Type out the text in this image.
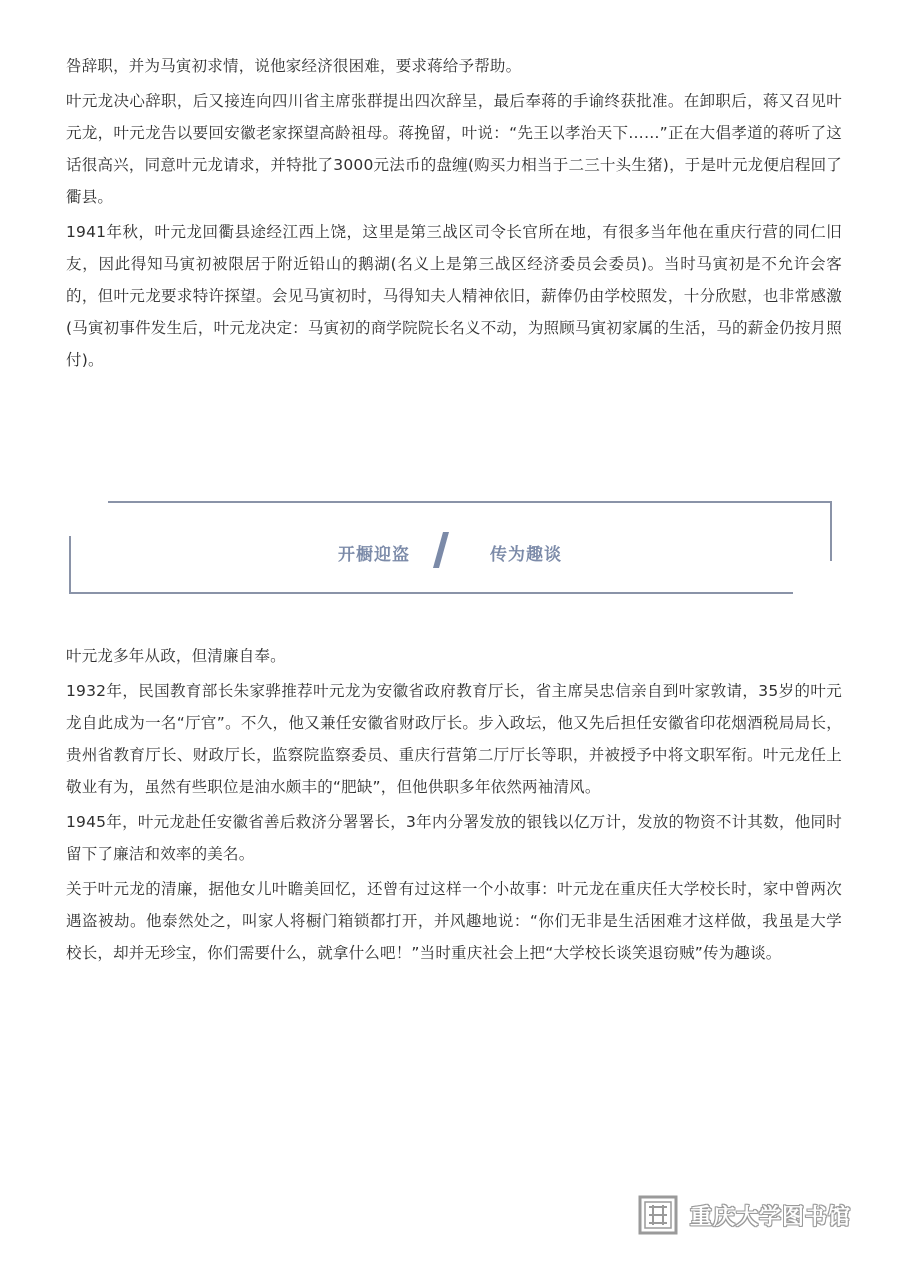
咎辞职，并为马寅初求情，说他家经济很困难，要求蒋给予帮助。

叶元龙决心辞职，后又接连向四川省主席张群提出四次辞呈，最后奉蒋的手谕终获批准。在卸职后，蒋又召见叶元龙，叶元龙告以要回安徽老家探望高龄祖母。蒋挽留，叶说：“先王以孝治天下……”正在大倡孝道的蒋听了这话很高兴，同意叶元龙请求，并特批了3000元法币的盘缠(购买力相当于二三十头生猪)，于是叶元龙便启程回了衢县。

1941年秋，叶元龙回衢县途经江西上饶，这里是第三战区司令长官所在地，有很多当年他在重庆行营的同仁旧友，因此得知马寅初被限居于附近铅山的鹅湖(名义上是第三战区经济委员会委员)。当时马寅初是不允许会客的，但叶元龙要求特许探望。会见马寅初时，马得知夫人精神依旧，薪俸仍由学校照发，十分欣慰，也非常感激(马寅初事件发生后，叶元龙决定：马寅初的商学院院长名义不动，为照顾马寅初家属的生活，马的薪金仍按月照付)。

开橱迎盗	传为趣谈

叶元龙多年从政，但清廉自奉。

1932年，民国教育部长朱家骅推荐叶元龙为安徽省政府教育厅长，省主席吴忠信亲自到叶家敦请，35岁的叶元龙自此成为一名“厅官”。不久，他又兼任安徽省财政厅长。步入政坛，他又先后担任安徽省印花烟酒税局局长，贵州省教育厅长、财政厅长，监察院监察委员、重庆行营第二厅厅长等职，并被授予中将文职军衔。叶元龙任上敬业有为，虽然有些职位是油水颇丰的“肥缺”，但他供职多年依然两袖清风。

1945年，叶元龙赴任安徽省善后救济分署署长，3年内分署发放的银钱以亿万计，发放的物资不计其数，他同时留下了廉洁和效率的美名。

关于叶元龙的清廉，据他女儿叶瞻美回忆，还曾有过这样一个小故事：叶元龙在重庆任大学校长时，家中曾两次遇盗被劫。他泰然处之，叫家人将橱门箱锁都打开，并风趣地说：“你们无非是生活困难才这样做，我虽是大学校长，却并无珍宝，你们需要什么，就拿什么吧！”当时重庆社会上把“大学校长谈笑退窃贼”传为趣谈。

重庆大学图书馆
